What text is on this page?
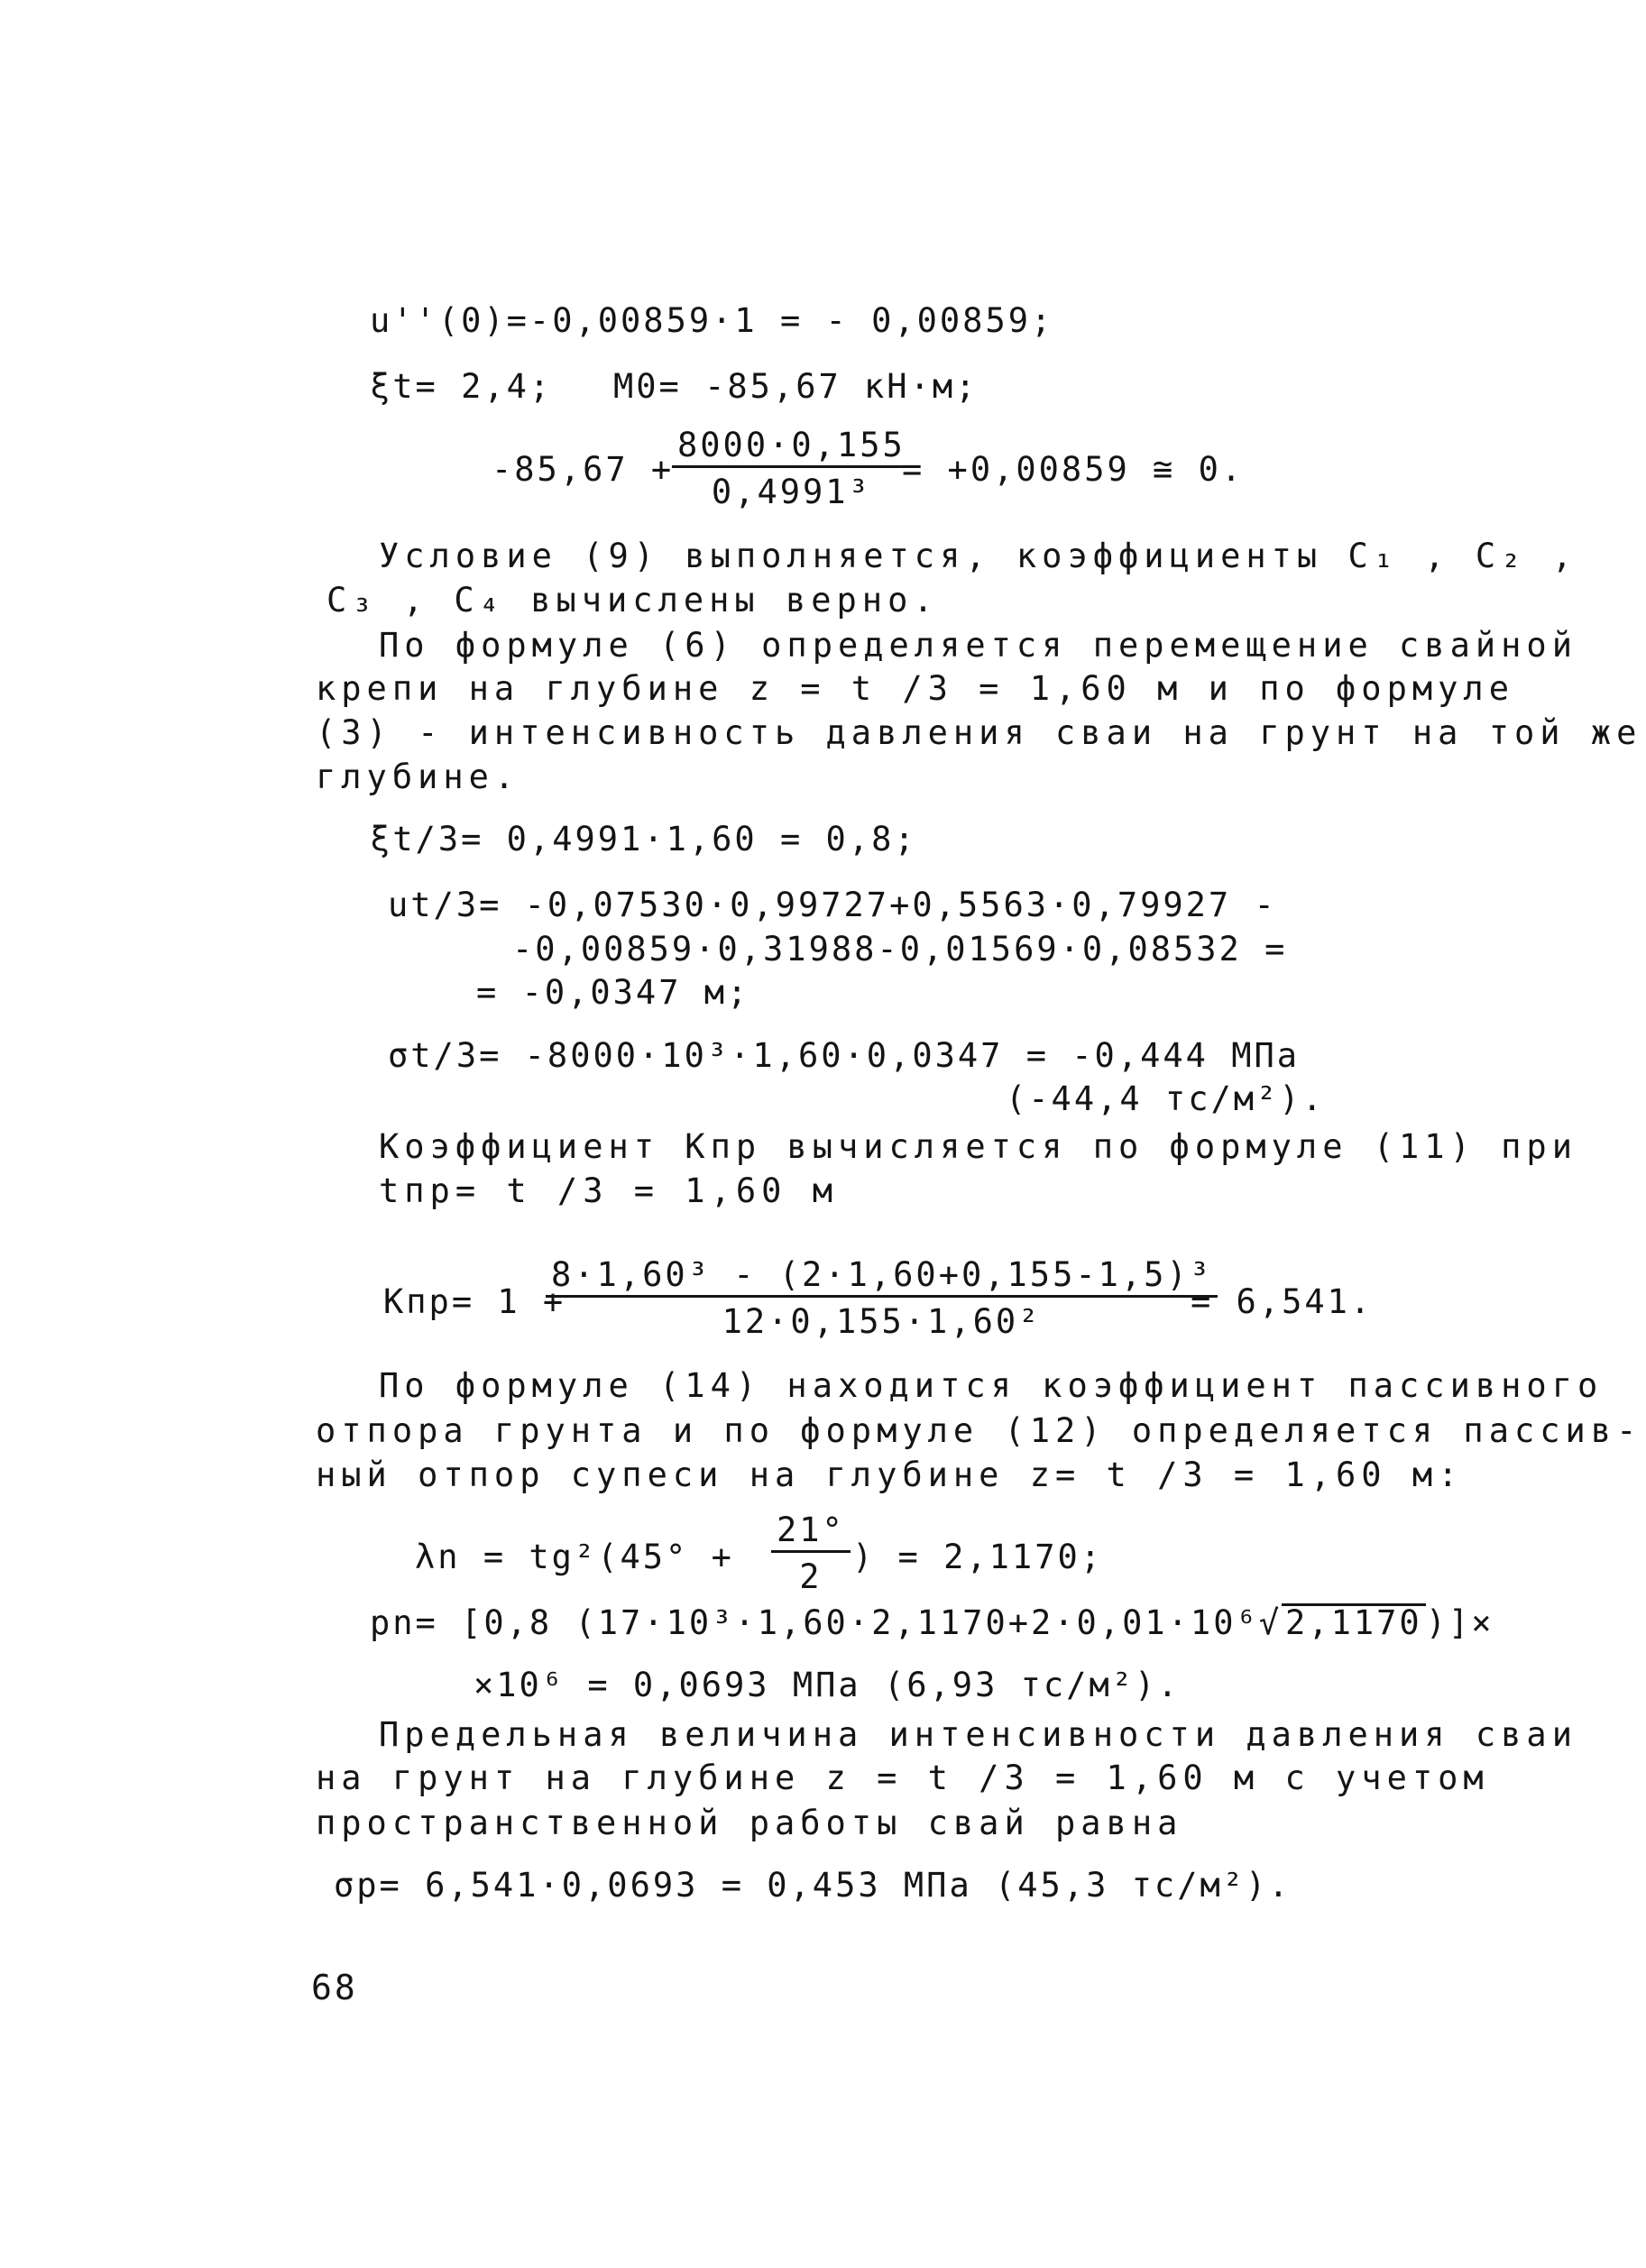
u''(0)=-0,00859·1 = - 0,00859;
ξt= 2,4; M0= -85,67 кН·м;
-85,67 +
$\frac{8000\cdot 0,155}{\text{0,4991³}}$
= +0,00859 ≅ 0.
Условие (9) выполняется, коэффициенты C₁ , C₂ ,
C₃ , C₄ вычислены верно.
По формуле (6) определяется перемещение свайной
крепи на глубине z = t /3 = 1,60 м и по формуле
(3) - интенсивность давления сваи на грунт на той же
глубине.
ξt/3= 0,4991·1,60 = 0,8;
ut/3= -0,07530·0,99727+0,5563·0,79927 -
-0,00859·0,31988-0,01569·0,08532 =
= -0,0347 м;
σt/3= -8000·10³·1,60·0,0347 = -0,444 МПа
(-44,4 тс/м²).
Коэффициент Kпр вычисляется по формуле (11) при
tпр= t /3 = 1,60 м
Kпр= 1 +
$\frac{\text{8·1,60³ - (2·1,60+0,155-1,5)³}}{\text{12·0,155·1,60²}}$
= 6,541.
По формуле (14) находится коэффициент пассивного
отпора грунта и по формуле (12) определяется пассив-
ный отпор супеси на глубине z= t /3 = 1,60 м:
$\lambda n = tg^2(45^\circ + \frac{21^\circ}{2}$ ) = 2,1170;
pn= [0,8 (17·10³·1,60·2,1170+2·0,01·10⁶√ 2,1170 )]×
×10⁶ = 0,0693 МПа (6,93 тс/м²).
Предельная величина интенсивности давления сваи
на грунт на глубине z = t /3 = 1,60 м с учетом
пространственной работы свай равна
σp= 6,541·0,0693 = 0,453 МПа (45,3 тс/м²).
68
